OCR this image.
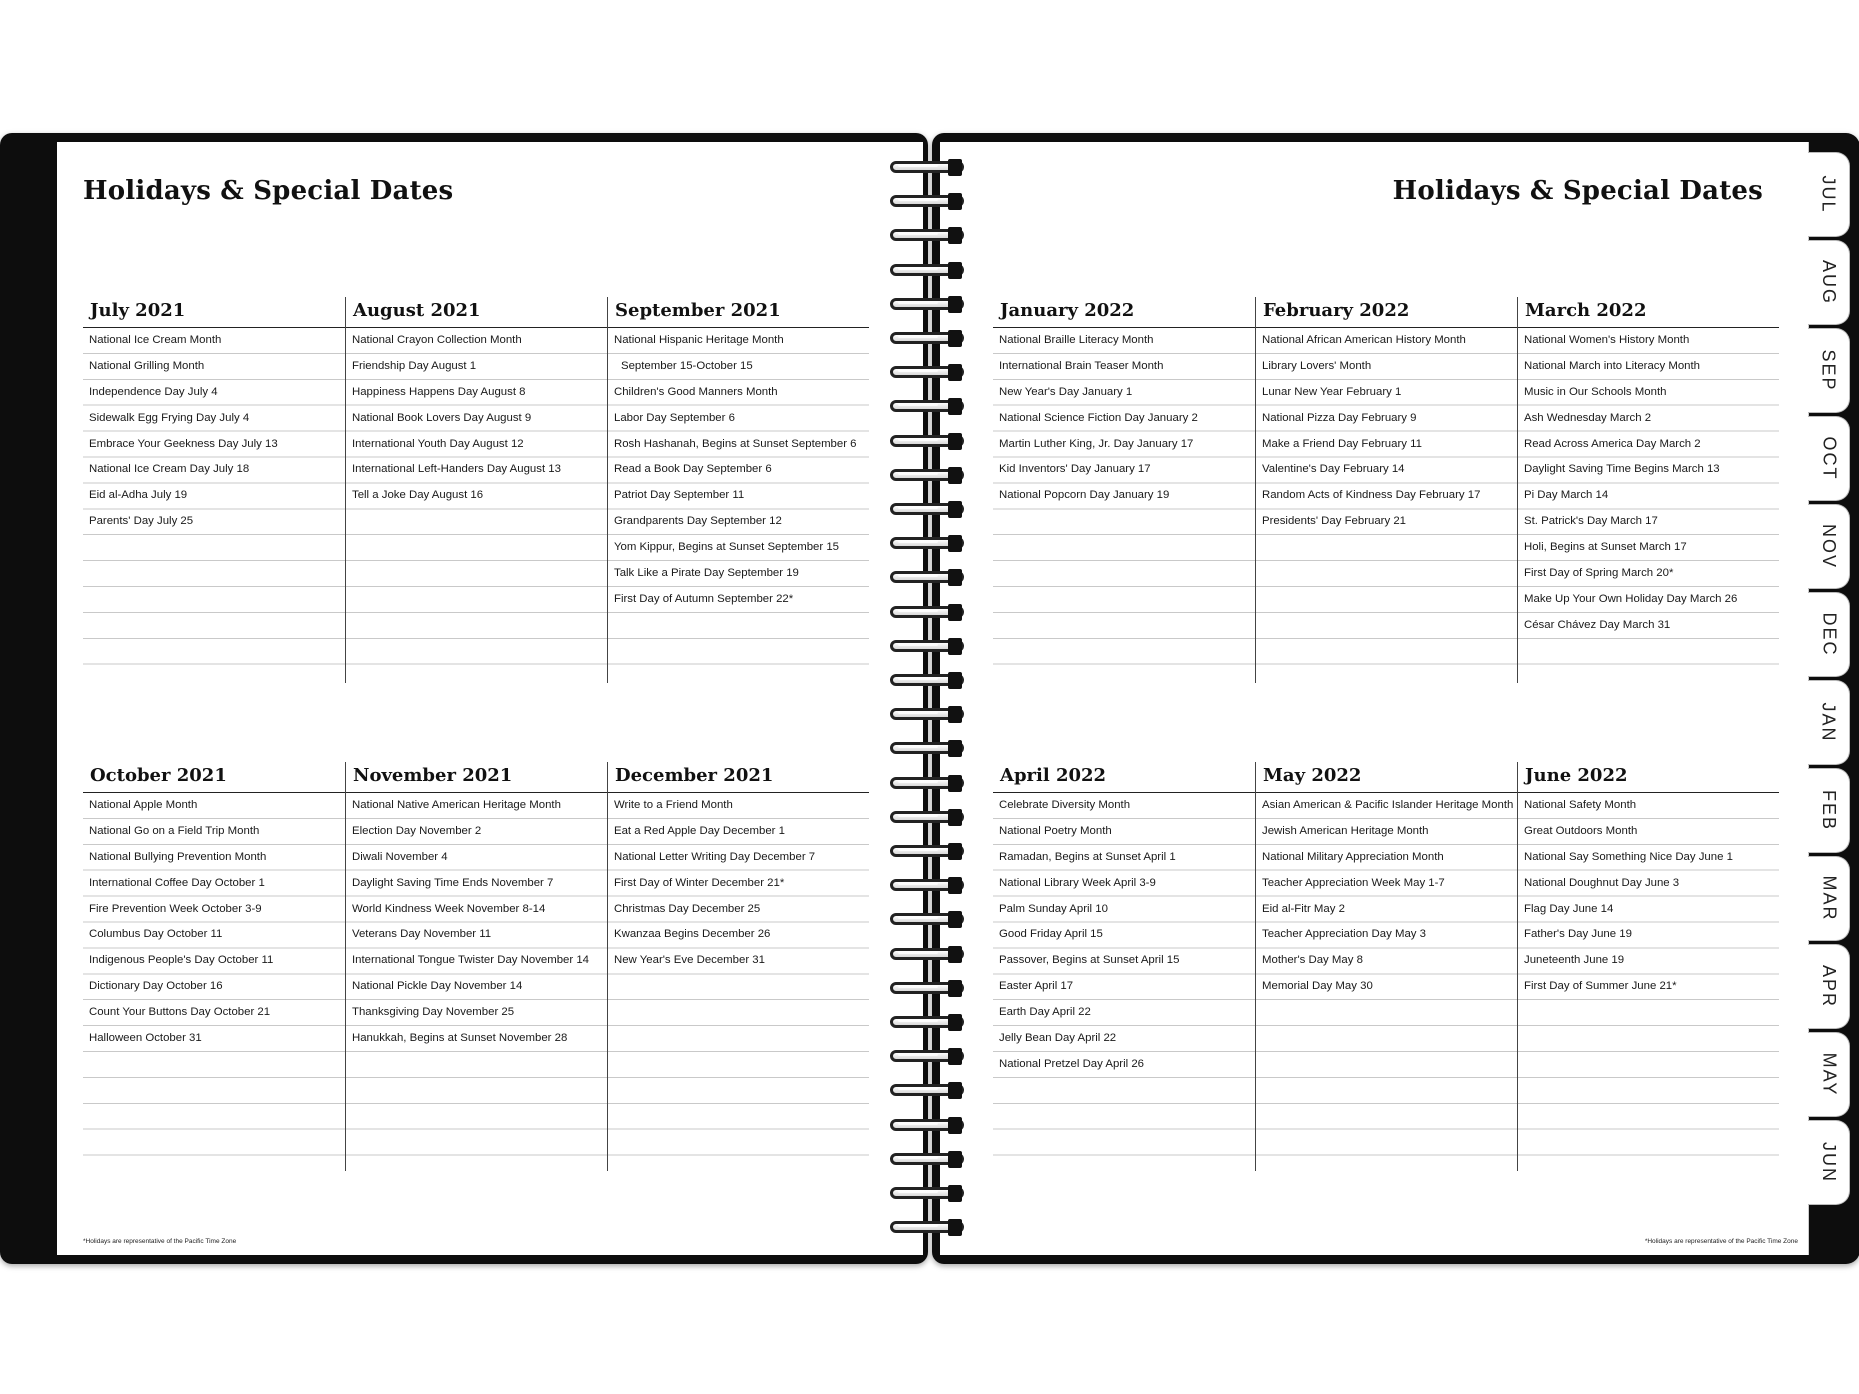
Holidays & Special Dates
July 2021
National Ice Cream Month
National Grilling Month
Independence Day July 4
Sidewalk Egg Frying Day July 4
Embrace Your Geekness Day July 13
National Ice Cream Day July 18
Eid al-Adha July 19
Parents' Day July 25
August 2021
National Crayon Collection Month
Friendship Day August 1
Happiness Happens Day August 8
National Book Lovers Day August 9
International Youth Day August 12
International Left-Handers Day August 13
Tell a Joke Day August 16
September 2021
National Hispanic Heritage Month
September 15-October 15
Children's Good Manners Month
Labor Day September 6
Rosh Hashanah, Begins at Sunset September 6
Read a Book Day September 6
Patriot Day September 11
Grandparents Day September 12
Yom Kippur, Begins at Sunset September 15
Talk Like a Pirate Day September 19
First Day of Autumn September 22*
October 2021
National Apple Month
National Go on a Field Trip Month
National Bullying Prevention Month
International Coffee Day October 1
Fire Prevention Week October 3-9
Columbus Day October 11
Indigenous People's Day October 11
Dictionary Day October 16
Count Your Buttons Day October 21
Halloween October 31
November 2021
National Native American Heritage Month
Election Day November 2
Diwali November 4
Daylight Saving Time Ends November 7
World Kindness Week November 8-14
Veterans Day November 11
International Tongue Twister Day November 14
National Pickle Day November 14
Thanksgiving Day November 25
Hanukkah, Begins at Sunset November 28
December 2021
Write to a Friend Month
Eat a Red Apple Day December 1
National Letter Writing Day December 7
First Day of Winter December 21*
Christmas Day December 25
Kwanzaa Begins December 26
New Year's Eve December 31
*Holidays are representative of the Pacific Time Zone
Holidays & Special Dates
January 2022
National Braille Literacy Month
International Brain Teaser Month
New Year's Day January 1
National Science Fiction Day January 2
Martin Luther King, Jr. Day January 17
Kid Inventors' Day January 17
National Popcorn Day January 19
February 2022
National African American History Month
Library Lovers' Month
Lunar New Year February 1
National Pizza Day February 9
Make a Friend Day February 11
Valentine's Day February 14
Random Acts of Kindness Day February 17
Presidents' Day February 21
March 2022
National Women's History Month
National March into Literacy Month
Music in Our Schools Month
Ash Wednesday March 2
Read Across America Day March 2
Daylight Saving Time Begins March 13
Pi Day March 14
St. Patrick's Day March 17
Holi, Begins at Sunset March 17
First Day of Spring March 20*
Make Up Your Own Holiday Day March 26
César Chávez Day March 31
April 2022
Celebrate Diversity Month
National Poetry Month
Ramadan, Begins at Sunset April 1
National Library Week April 3-9
Palm Sunday April 10
Good Friday April 15
Passover, Begins at Sunset April 15
Easter April 17
Earth Day April 22
Jelly Bean Day April 22
National Pretzel Day April 26
May 2022
Asian American & Pacific Islander Heritage Month
Jewish American Heritage Month
National Military Appreciation Month
Teacher Appreciation Week May 1-7
Eid al-Fitr May 2
Teacher Appreciation Day May 3
Mother's Day May 8
Memorial Day May 30
June 2022
National Safety Month
Great Outdoors Month
National Say Something Nice Day June 1
National Doughnut Day June 3
Flag Day June 14
Father's Day June 19
Juneteenth June 19
First Day of Summer June 21*
*Holidays are representative of the Pacific Time Zone
JUL
AUG
SEP
OCT
NOV
DEC
JAN
FEB
MAR
APR
MAY
JUN
